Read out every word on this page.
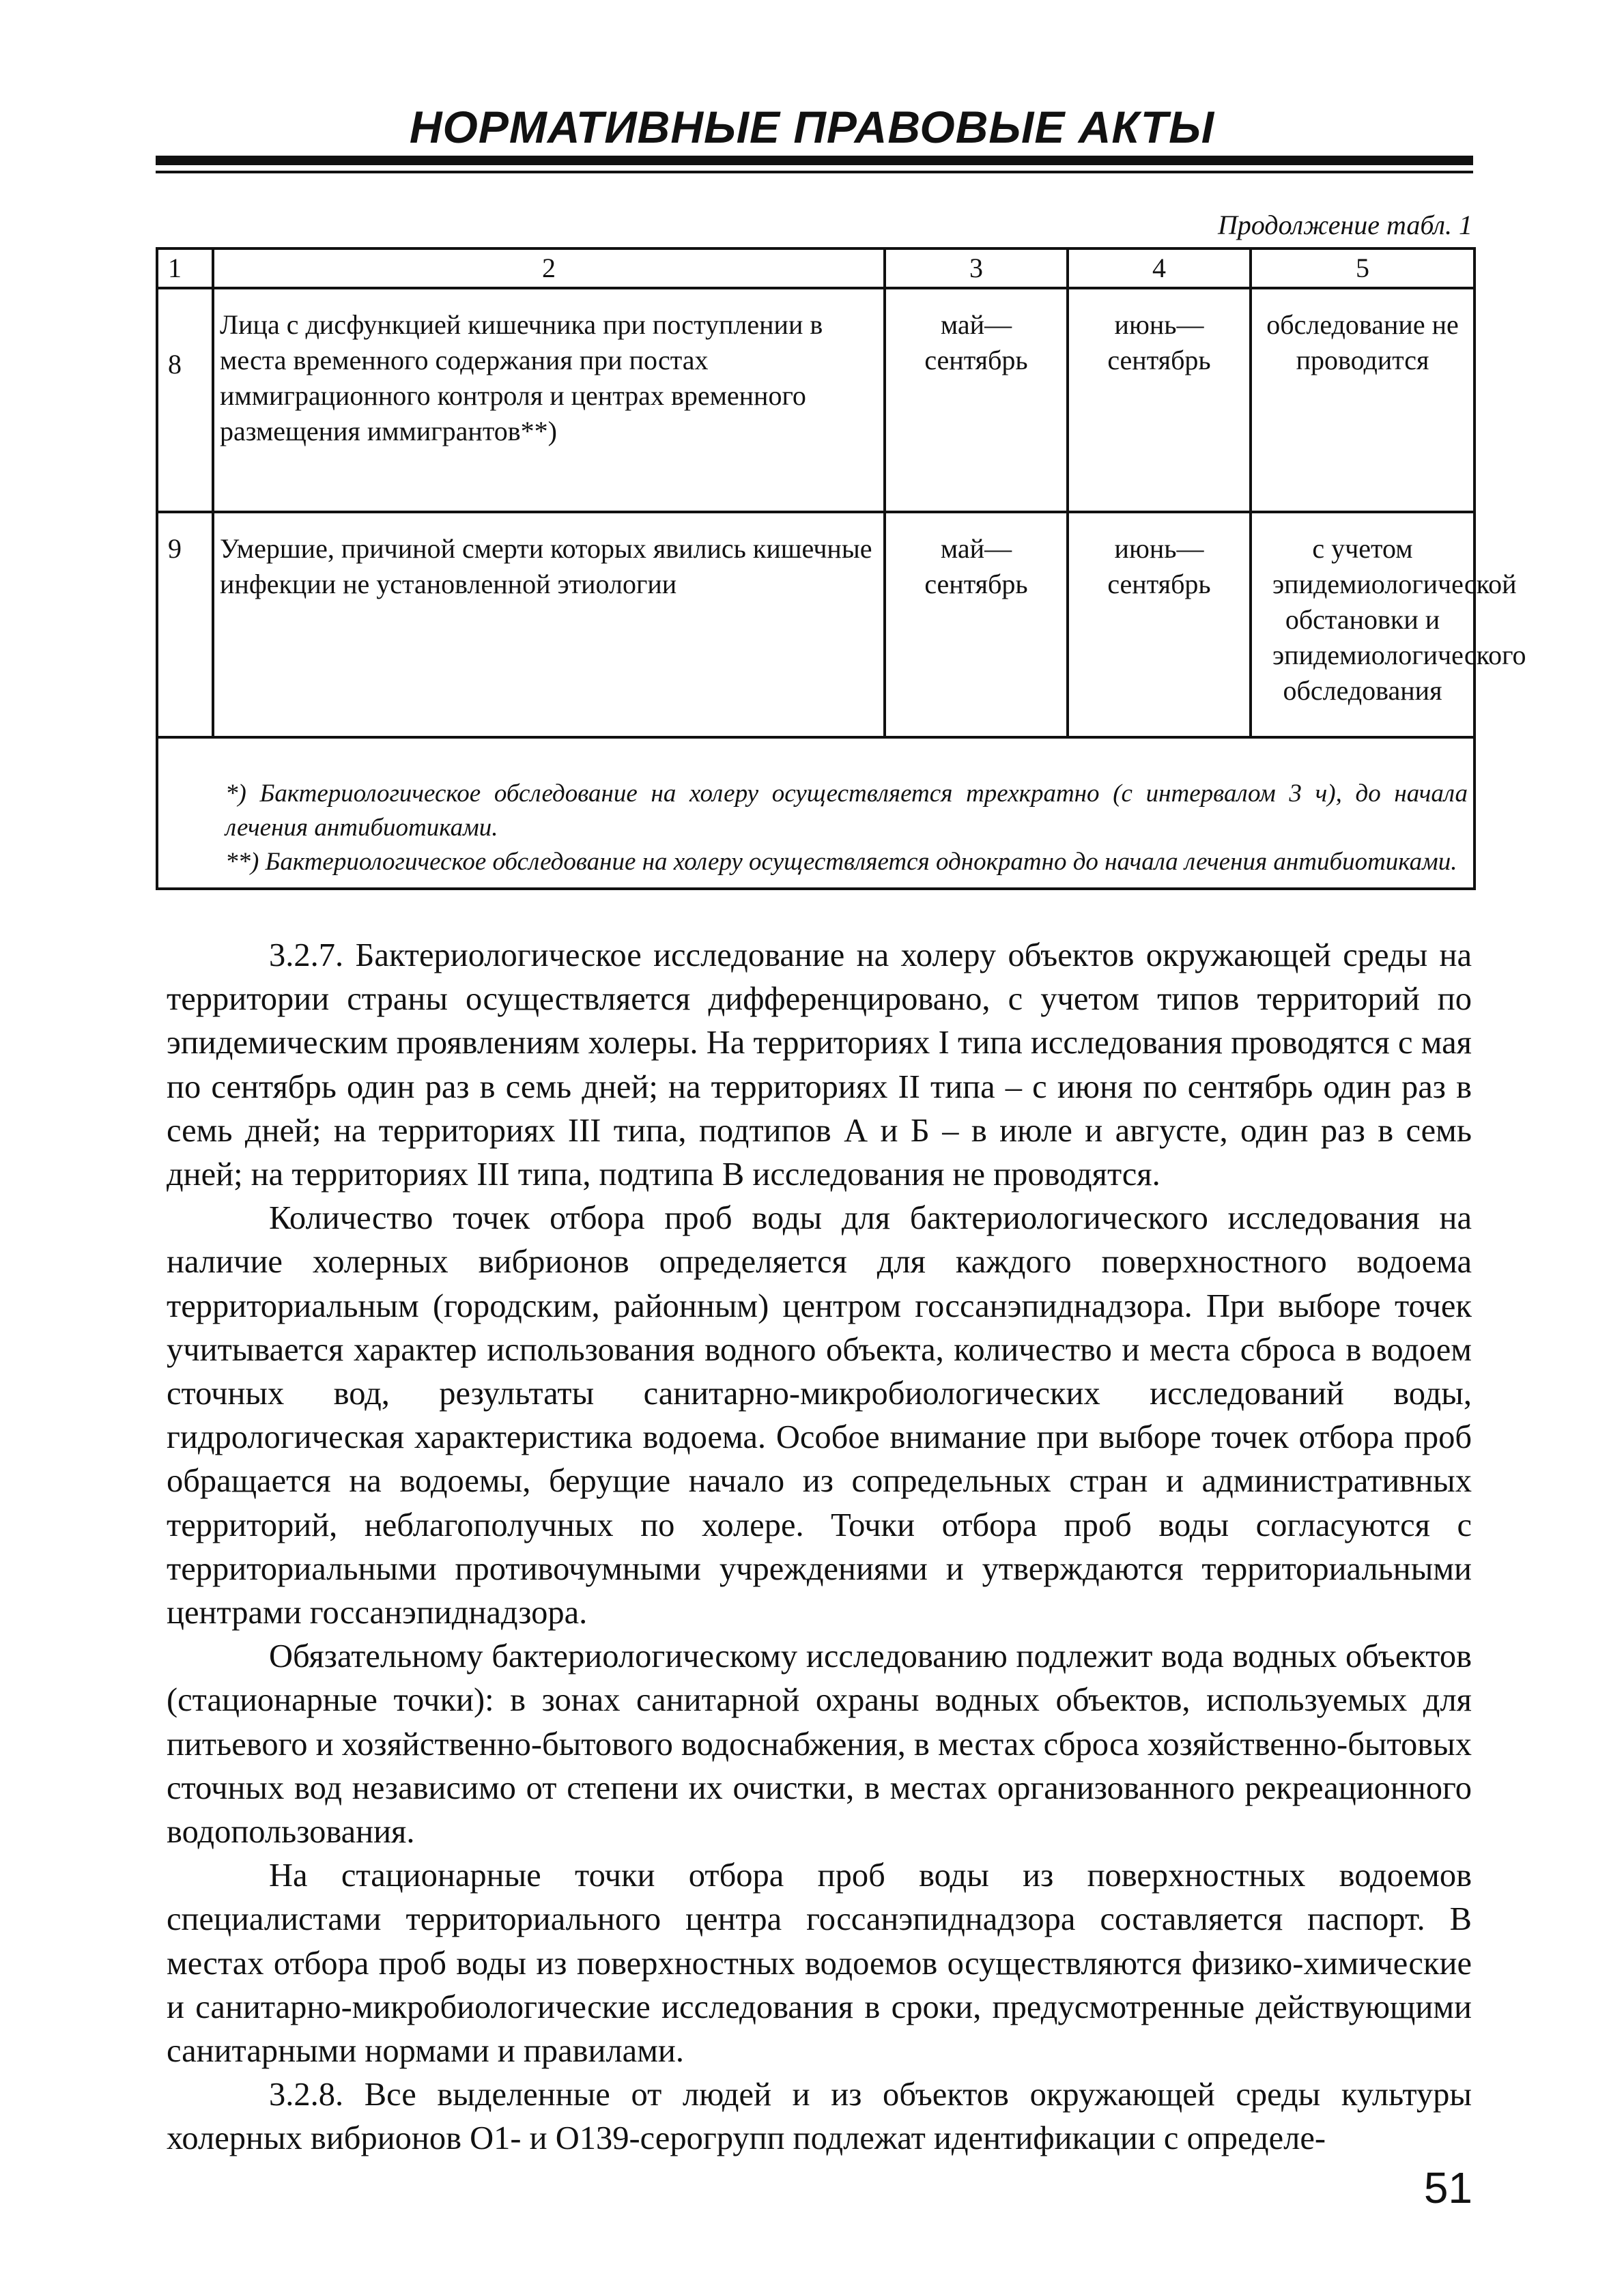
НОРМАТИВНЫЕ ПРАВОВЫЕ АКТЫ
Продолжение табл. 1
1	2	3	4	5
8	Лица с дисфункцией кишечника при поступлении в места временного содержания при постах иммиграционного контроля и центрах временного размещения иммигрантов**)	май— сентябрь	июнь— сентябрь	обследование не проводится
9	Умершие, причиной смерти которых явились кишечные инфекции не установленной этиологии	май— сентябрь	июнь— сентябрь	с учетом эпидемиологической обстановки и эпидемиологического обследования

*) Бактериологическое обследование на холеру осуществляется трехкратно (с интервалом 3 ч), до начала лечения антибиотиками.
**) Бактериологическое обследование на холеру осуществляется однократно до начала лечения антибиотиками.				

3.2.7. Бактериологическое исследование на холеру объектов окружающей среды на территории страны осуществляется дифференцировано, с учетом типов территорий по эпидемическим проявлениям холеры. На территориях I типа исследования проводятся с мая по сентябрь один раз в семь дней; на территориях II типа – с июня по сентябрь один раз в семь дней; на территориях III типа, подтипов А и Б – в июле и августе, один раз в семь дней; на территориях III типа, подтипа В исследования не проводятся.

Количество точек отбора проб воды для бактериологического исследования на наличие холерных вибрионов определяется для каждого поверхностного водоема территориальным (городским, районным) центром госсанэпиднадзора. При выборе точек учитывается характер использования водного объекта, количество и места сброса в водоем сточных вод, результаты санитарно-микробиологических исследований воды, гидрологическая характеристика водоема. Особое внимание при выборе точек отбора проб обращается на водоемы, берущие начало из сопредельных стран и административных территорий, неблагополучных по холере. Точки отбора проб воды согласуются с территориальными противочумными учреждениями и утверждаются территориальными центрами госсанэпиднадзора.

Обязательному бактериологическому исследованию подлежит вода водных объектов (стационарные точки): в зонах санитарной охраны водных объектов, используемых для питьевого и хозяйственно-бытового водоснабжения, в местах сброса хозяйственно-бытовых сточных вод независимо от степени их очистки, в местах организованного рекреационного водопользования.

На стационарные точки отбора проб воды из поверхностных водоемов специалистами территориального центра госсанэпиднадзора составляется паспорт. В местах отбора проб воды из поверхностных водоемов осуществляются физико-химические и санитарно-микробиологические исследования в сроки, предусмотренные действующими санитарными нормами и правилами.

3.2.8. Все выделенные от людей и из объектов окружающей среды культуры холерных вибрионов О1- и О139-серогрупп подлежат идентификации с определе-

51
